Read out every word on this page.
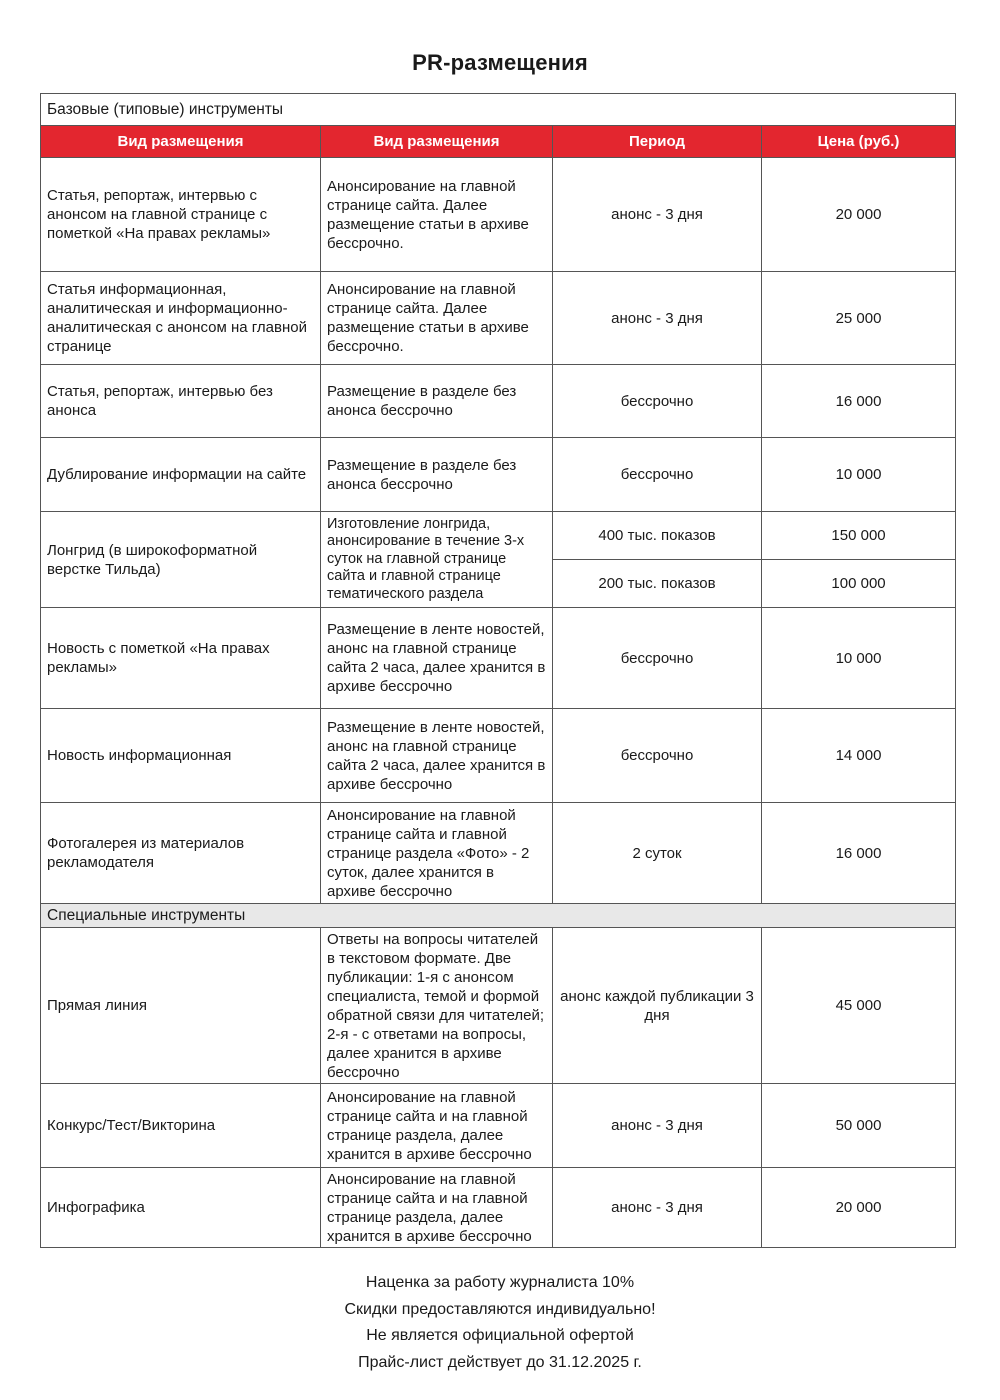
PR-размещения
Базовые (типовые) инструменты			
Вид размещения	Вид размещения	Период	Цена (руб.)
Статья, репортаж, интервью с анонсом на главной странице с пометкой «На правах рекламы»	Анонсирование на главной странице сайта. Далее размещение статьи в архиве бессрочно.	анонс - 3 дня	20 000
Статья информационная, аналитическая и информационно-аналитическая с анонсом на главной странице	Анонсирование на главной странице сайта. Далее размещение статьи в архиве бессрочно.	анонс - 3 дня	25 000
Статья, репортаж, интервью без анонса	Размещение в разделе без анонса бессрочно	бессрочно	16 000
Дублирование информации на сайте	Размещение в разделе без анонса бессрочно	бессрочно	10 000
Лонгрид (в широкоформатной верстке Тильда)	Изготовление лонгрида, анонсирование в течение 3-х суток на главной странице сайта и главной странице тематического раздела	400 тыс. показов	150 000
		200 тыс. показов	100 000
Новость с пометкой «На правах рекламы»	Размещение в ленте новостей, анонс на главной странице сайта 2 часа, далее хранится в архиве бессрочно	бессрочно	10 000
Новость информационная	Размещение в ленте новостей, анонс на главной странице сайта 2 часа, далее хранится в архиве бессрочно	бессрочно	14 000
Фотогалерея из материалов рекламодателя	Анонсирование на главной странице сайта и главной странице раздела «Фото» - 2 суток, далее хранится в архиве бессрочно	2 суток	16 000
Специальные инструменты			
Прямая линия	Ответы на вопросы читателей в текстовом формате. Две публикации: 1-я с анонсом специалиста, темой и формой обратной связи для читателей; 2-я - с ответами на вопросы, далее хранится в архиве бессрочно	анонс каждой публикации 3 дня	45 000
Конкурс/Тест/Викторина	Анонсирование на главной странице сайта и на главной странице раздела, далее хранится в архиве бессрочно	анонс - 3 дня	50 000
Инфографика	Анонсирование на главной странице сайта и на главной странице раздела, далее хранится в архиве бессрочно	анонс - 3 дня	20 000
Наценка за работу журналиста 10%
Скидки предоставляются индивидуально!
Не является официальной офертой
Прайс-лист действует до 31.12.2025 г.
